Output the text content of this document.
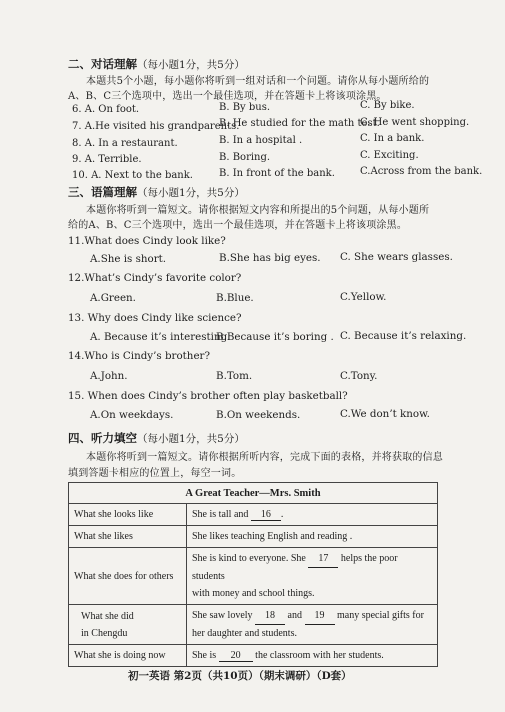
二、对话理解（每小题1分，共5分）
本题共5个小题，每小题你将听到一组对话和一个问题。请你从每小题所给的
A、B、C三个选项中，选出一个最佳选项，并在答题卡上将该项涂黑。
6. A. On foot.	B. By bus.	C. By bike.
7. A.He visited his grandparents.
B. He studied for the math test.
C. He went shopping.
8. A. In a restaurant.	B. In a hospital .	C. In a bank.
9. A. Terrible.	B. Boring.	C. Exciting.
10. A. Next to the bank.	B. In front of the bank.	C.Across from the bank.
三、语篇理解（每小题1分，共5分）
本题你将听到一篇短文。请你根据短文内容和所提出的5个问题，从每小题所
给的A、B、C三个选项中，选出一个最佳选项，并在答题卡上将该项涂黑。
11.What does Cindy look like?
A.She is short.	B.She has big eyes. C. She wears glasses.
12.What’s Cindy’s favorite color?
A.Green.	B.Blue.	C.Yellow.
13. Why does Cindy like science?
A. Because it’s interesting.
B.Because it’s boring . C. Because it’s relaxing.
14.Who is Cindy’s brother?
A.John.	B.Tom.	C.Tony.
15. When does Cindy’s brother often play basketball?
A.On weekdays.	B.On weekends.	C.We don’t know.
四、听力填空（每小题1分，共5分）
本题你将听到一篇短文。请你根据所听内容，完成下面的表格，并将获取的信息
填到答题卡相应的位置上，每空一词。
A Great Teacher—Mrs. Smith	
What she looks like	She is tall and 16 .
What she likes	She likes teaching English and reading .
What she does for others	She is kind to everyone. She 17 helps the poor students
with money and school things.
What she did
in Chengdu	She saw lovely 18 and 19 many special gifts for
her daughter and students.
What she is doing now	She is 20 the classroom with her students.
初一英语 第2页（共10页）（期末调研）（D套）
